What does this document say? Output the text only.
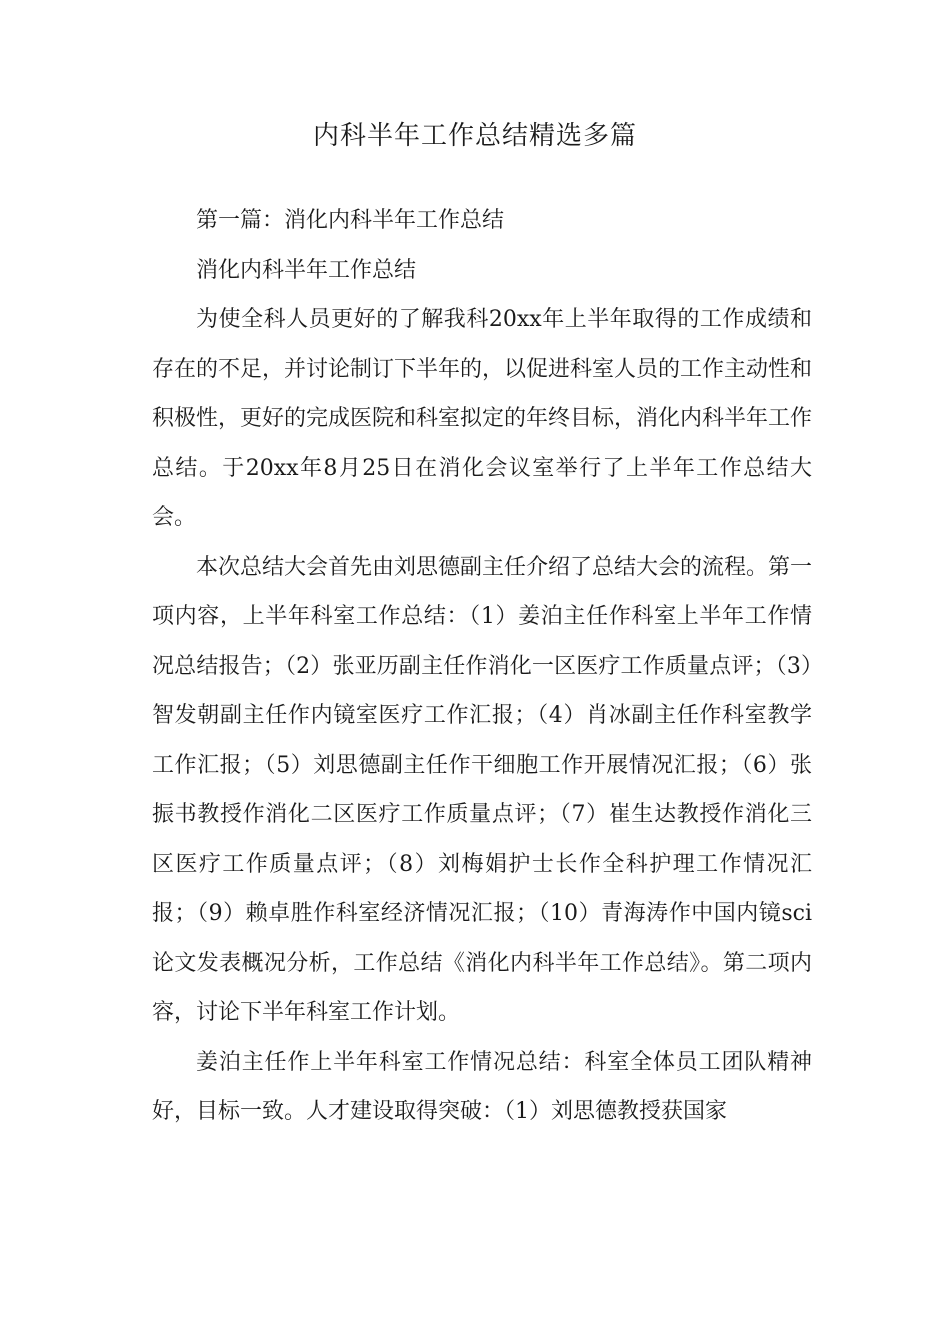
内科半年工作总结精选多篇

第一篇：消化内科半年工作总结

消化内科半年工作总结

为使全科人员更好的了解我科20xx年上半年取得的工作成绩和存在的不足，并讨论制订下半年的，以促进科室人员的工作主动性和积极性，更好的完成医院和科室拟定的年终目标，消化内科半年工作总结。于20xx年8月25日在消化会议室举行了上半年工作总结大会。

本次总结大会首先由刘思德副主任介绍了总结大会的流程。第一项内容，上半年科室工作总结：（1）姜泊主任作科室上半年工作情况总结报告；（2）张亚历副主任作消化一区医疗工作质量点评；（3）智发朝副主任作内镜室医疗工作汇报；（4）肖冰副主任作科室教学工作汇报；（5）刘思德副主任作干细胞工作开展情况汇报；（6）张振书教授作消化二区医疗工作质量点评；（7）崔生达教授作消化三区医疗工作质量点评；（8）刘梅娟护士长作全科护理工作情况汇报；（9）赖卓胜作科室经济情况汇报；（10）青海涛作中国内镜sci论文发表概况分析，工作总结《消化内科半年工作总结》。第二项内容，讨论下半年科室工作计划。

姜泊主任作上半年科室工作情况总结：科室全体员工团队精神好，目标一致。人才建设取得突破：（1）刘思德教授获国家
